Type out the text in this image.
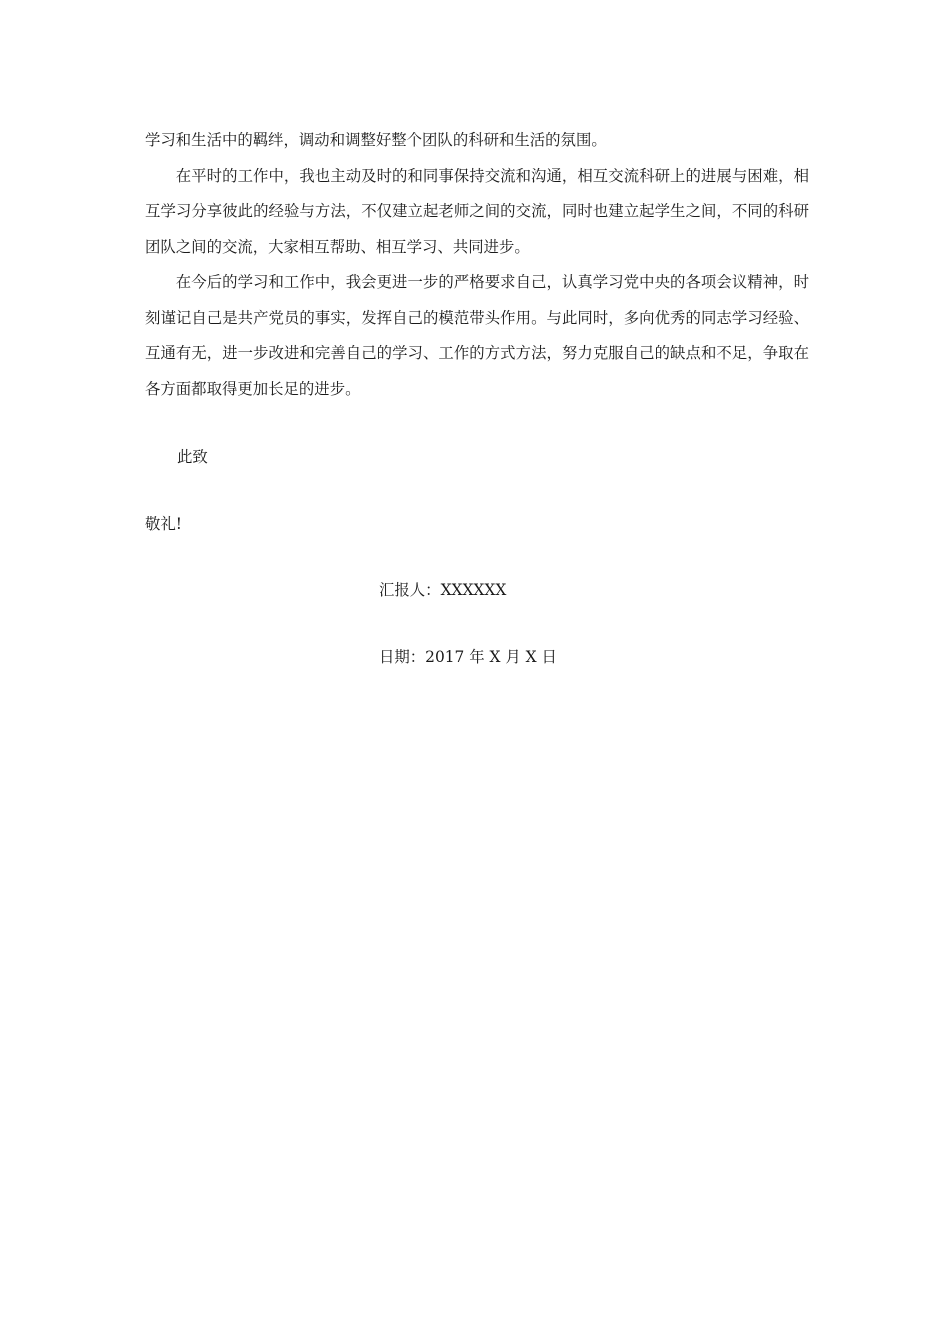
学习和生活中的羁绊，调动和调整好整个团队的科研和生活的氛围。

在平时的工作中，我也主动及时的和同事保持交流和沟通，相互交流科研上的进展与困难，相互学习分享彼此的经验与方法，不仅建立起老师之间的交流，同时也建立起学生之间，不同的科研团队之间的交流，大家相互帮助、相互学习、共同进步。

在今后的学习和工作中，我会更进一步的严格要求自己，认真学习党中央的各项会议精神，时刻谨记自己是共产党员的事实，发挥自己的模范带头作用。与此同时，多向优秀的同志学习经验、互通有无，进一步改进和完善自己的学习、工作的方式方法，努力克服自己的缺点和不足，争取在各方面都取得更加长足的进步。

此致
敬礼!
汇报人：XXXXXX
日期：2017 年 X 月 X 日
